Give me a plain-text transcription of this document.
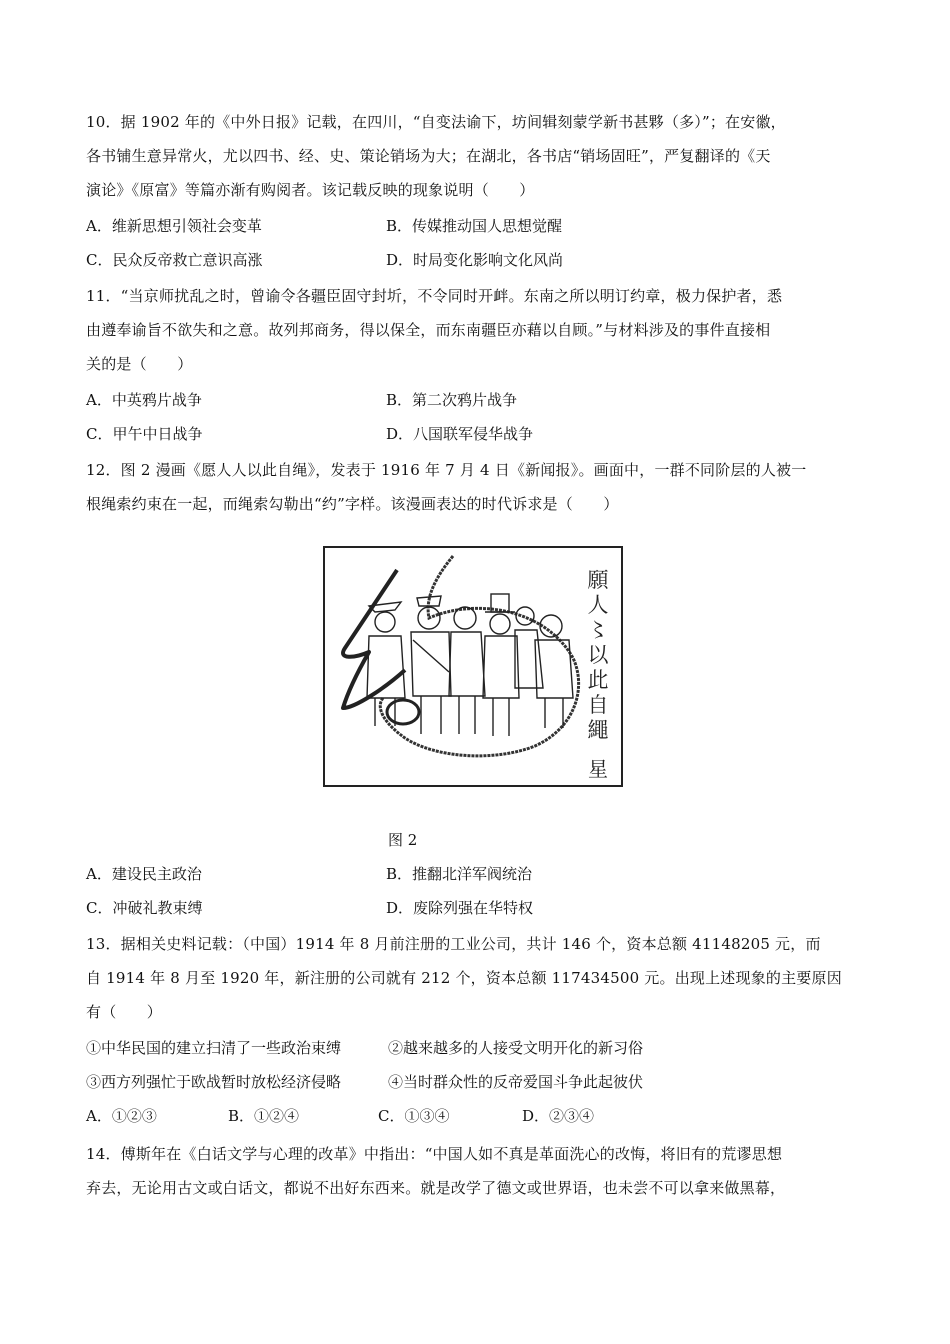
10．据 1902 年的《中外日报》记载，在四川，“自变法谕下，坊间辑刻蒙学新书甚夥（多）”；在安徽，
各书铺生意异常火，尤以四书、经、史、策论销场为大；在湖北，各书店“销场固旺”，严复翻译的《天
演论》《原富》等篇亦渐有购阅者。该记载反映的现象说明（　　）
A．维新思想引领社会变革	B．传媒推动国人思想觉醒
C．民众反帝救亡意识高涨	D．时局变化影响文化风尚
11．“当京师扰乱之时，曾谕令各疆臣固守封圻，不令同时开衅。东南之所以明订约章，极力保护者，悉
由遵奉谕旨不欲失和之意。故列邦商务，得以保全，而东南疆臣亦藉以自顾。”与材料涉及的事件直接相
关的是（　　）
A．中英鸦片战争	B．第二次鸦片战争
C．甲午中日战争	D．八国联军侵华战争
12．图 2 漫画《愿人人以此自绳》，发表于 1916 年 7 月 4 日《新闻报》。画面中，一群不同阶层的人被一
根绳索约束在一起，而绳索勾勒出“约”字样。该漫画表达的时代诉求是（　　）
願
人
〻
以
此
自
繩
星
图 2
A．建设民主政治	B．推翻北洋军阀统治
C．冲破礼教束缚	D．废除列强在华特权
13．据相关史料记载：（中国）1914 年 8 月前注册的工业公司，共计 146 个，资本总额 41148205 元，而
自 1914 年 8 月至 1920 年，新注册的公司就有 212 个，资本总额 117434500 元。出现上述现象的主要原因
有（　　）
①中华民国的建立扫清了一些政治束缚	②越来越多的人接受文明开化的新习俗
③西方列强忙于欧战暂时放松经济侵略	④当时群众性的反帝爱国斗争此起彼伏
A．①②③	B．①②④	C．①③④	D．②③④
14．傅斯年在《白话文学与心理的改革》中指出：“中国人如不真是革面洗心的改悔，将旧有的荒谬思想
弃去，无论用古文或白话文，都说不出好东西来。就是改学了德文或世界语，也未尝不可以拿来做黑幕，
